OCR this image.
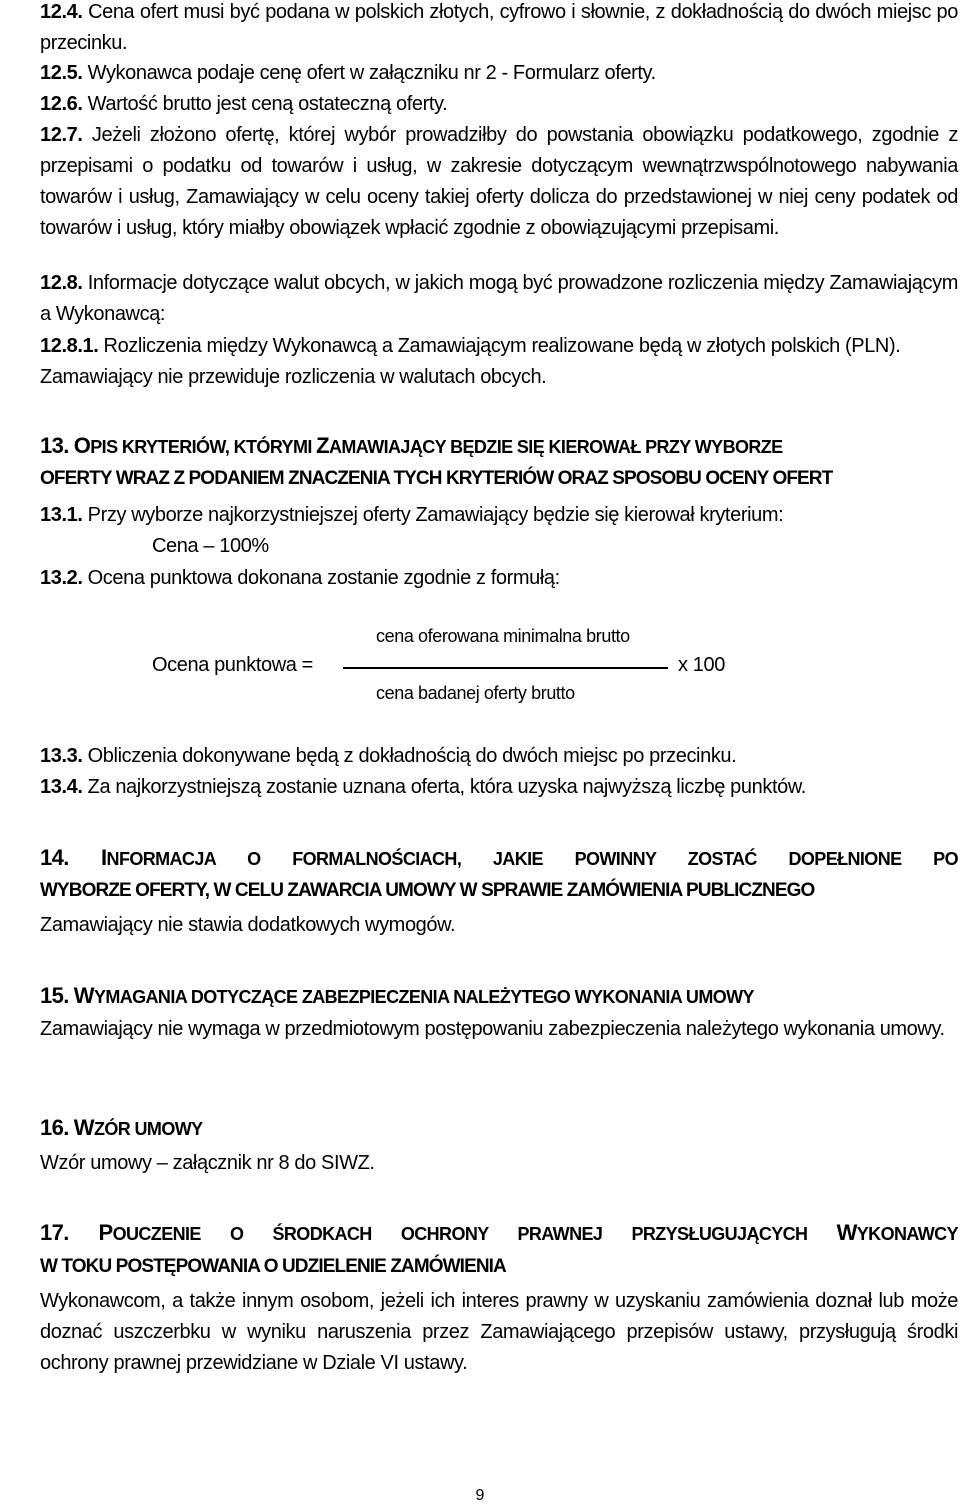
12.4. Cena ofert musi być podana w polskich złotych, cyfrowo i słownie, z dokładnością do dwóch miejsc po przecinku.
12.5. Wykonawca podaje cenę ofert w załączniku nr 2 - Formularz oferty.
12.6. Wartość brutto jest ceną ostateczną oferty.
12.7. Jeżeli złożono ofertę, której wybór prowadziłby do powstania obowiązku podatkowego, zgodnie z przepisami o podatku od towarów i usług, w zakresie dotyczącym wewnątrzwspólnotowego nabywania towarów i usług, Zamawiający w celu oceny takiej oferty dolicza do przedstawionej w niej ceny podatek od towarów i usług, który miałby obowiązek wpłacić zgodnie z obowiązującymi przepisami.
12.8. Informacje dotyczące walut obcych, w jakich mogą być prowadzone rozliczenia między Zamawiającym a Wykonawcą:
12.8.1. Rozliczenia między Wykonawcą a Zamawiającym realizowane będą w złotych polskich (PLN). Zamawiający nie przewiduje rozliczenia w walutach obcych.
13. OPIS KRYTERIÓW, KTÓRYMI ZAMAWIAJĄCY BĘDZIE SIĘ KIEROWAŁ PRZY WYBORZE
OFERTY WRAZ Z PODANIEM ZNACZENIA TYCH KRYTERIÓW ORAZ SPOSOBU OCENY OFERT
13.1. Przy wyborze najkorzystniejszej oferty Zamawiający będzie się kierował kryterium:
Cena – 100%
13.2. Ocena punktowa dokonana zostanie zgodnie z formułą:
cena oferowana minimalna brutto
Ocena punktowa =	x 100
cena badanej oferty brutto
13.3. Obliczenia dokonywane będą z dokładnością do dwóch miejsc po przecinku.
13.4. Za najkorzystniejszą zostanie uznana oferta, która uzyska najwyższą liczbę punktów.
14. INFORMACJA O FORMALNOŚCIACH, JAKIE POWINNY ZOSTAĆ DOPEŁNIONE PO
WYBORZE OFERTY, W CELU ZAWARCIA UMOWY W SPRAWIE ZAMÓWIENIA PUBLICZNEGO
Zamawiający nie stawia dodatkowych wymogów.
15. WYMAGANIA DOTYCZĄCE ZABEZPIECZENIA NALEŻYTEGO WYKONANIA UMOWY
Zamawiający nie wymaga w przedmiotowym postępowaniu zabezpieczenia należytego wykonania umowy.
16. WZÓR UMOWY
Wzór umowy – załącznik nr 8 do SIWZ.
17. POUCZENIE O ŚRODKACH OCHRONY PRAWNEJ PRZYSŁUGUJĄCYCH WYKONAWCY
W TOKU POSTĘPOWANIA O UDZIELENIE ZAMÓWIENIA
Wykonawcom, a także innym osobom, jeżeli ich interes prawny w uzyskaniu zamówienia doznał lub może doznać uszczerbku w wyniku naruszenia przez Zamawiającego przepisów ustawy, przysługują środki ochrony prawnej przewidziane w Dziale VI ustawy.
9
